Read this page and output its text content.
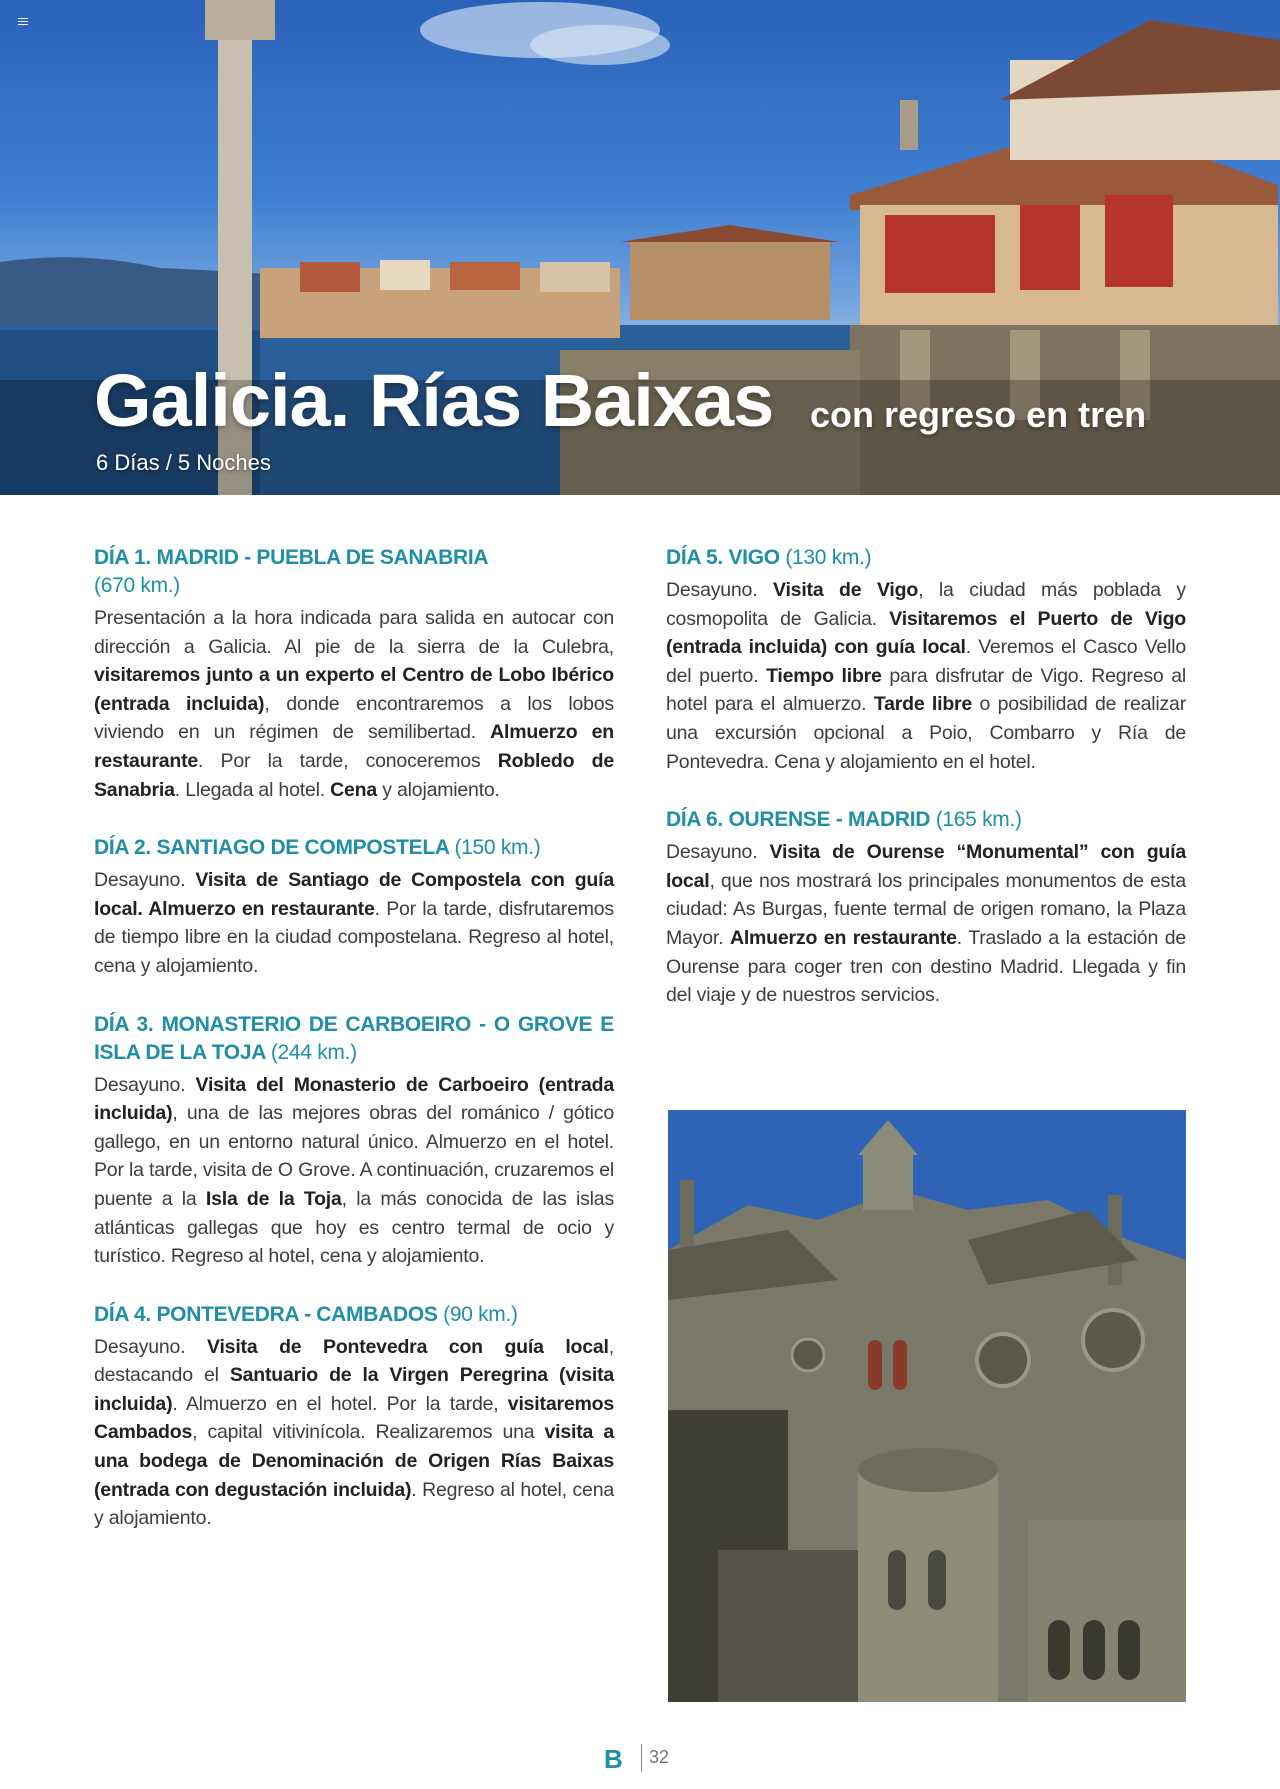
Galicia. Rías Baixas con regreso en tren
6 Días / 5 Noches

DÍA 1. MADRID - PUEBLA DE SANABRIA
(670 km.)

Presentación a la hora indicada para salida en autocar con dirección a Galicia. Al pie de la sierra de la Culebra, visitaremos junto a un experto el Centro de Lobo Ibérico (entrada incluida), donde encontraremos a los lobos viviendo en un régimen de semilibertad. Almuerzo en restaurante. Por la tarde, conoceremos Robledo de Sanabria. Llegada al hotel. Cena y alojamiento.

DÍA 2. SANTIAGO DE COMPOSTELA (150 km.)

Desayuno. Visita de Santiago de Compostela con guía local. Almuerzo en restaurante. Por la tarde, disfrutaremos de tiempo libre en la ciudad compostelana. Regreso al hotel, cena y alojamiento.

DÍA 3. MONASTERIO DE CARBOEIRO - O GROVE E ISLA DE LA TOJA (244 km.)

Desayuno. Visita del Monasterio de Carboeiro (entrada incluida), una de las mejores obras del románico / gótico gallego, en un entorno natural único. Almuerzo en el hotel. Por la tarde, visita de O Grove. A continuación, cruzaremos el puente a la Isla de la Toja, la más conocida de las islas atlánticas gallegas que hoy es centro termal de ocio y turístico. Regreso al hotel, cena y alojamiento.

DÍA 4. PONTEVEDRA - CAMBADOS (90 km.)

Desayuno. Visita de Pontevedra con guía local, destacando el Santuario de la Virgen Peregrina (visita incluida). Almuerzo en el hotel. Por la tarde, visitaremos Cambados, capital vitivinícola. Realizaremos una visita a una bodega de Denominación de Origen Rías Baixas (entrada con degustación incluida). Regreso al hotel, cena y alojamiento.

DÍA 5. VIGO (130 km.)

Desayuno. Visita de Vigo, la ciudad más poblada y cosmopolita de Galicia. Visitaremos el Puerto de Vigo (entrada incluida) con guía local. Veremos el Casco Vello del puerto. Tiempo libre para disfrutar de Vigo. Regreso al hotel para el almuerzo. Tarde libre o posibilidad de realizar una excursión opcional a Poio, Combarro y Ría de Pontevedra. Cena y alojamiento en el hotel.

DÍA 6. OURENSE - MADRID (165 km.)

Desayuno. Visita de Ourense “Monumental” con guía local, que nos mostrará los principales monumentos de esta ciudad: As Burgas, fuente termal de origen romano, la Plaza Mayor. Almuerzo en restaurante. Traslado a la estación de Ourense para coger tren con destino Madrid. Llegada y fin del viaje y de nuestros servicios.

B 32
